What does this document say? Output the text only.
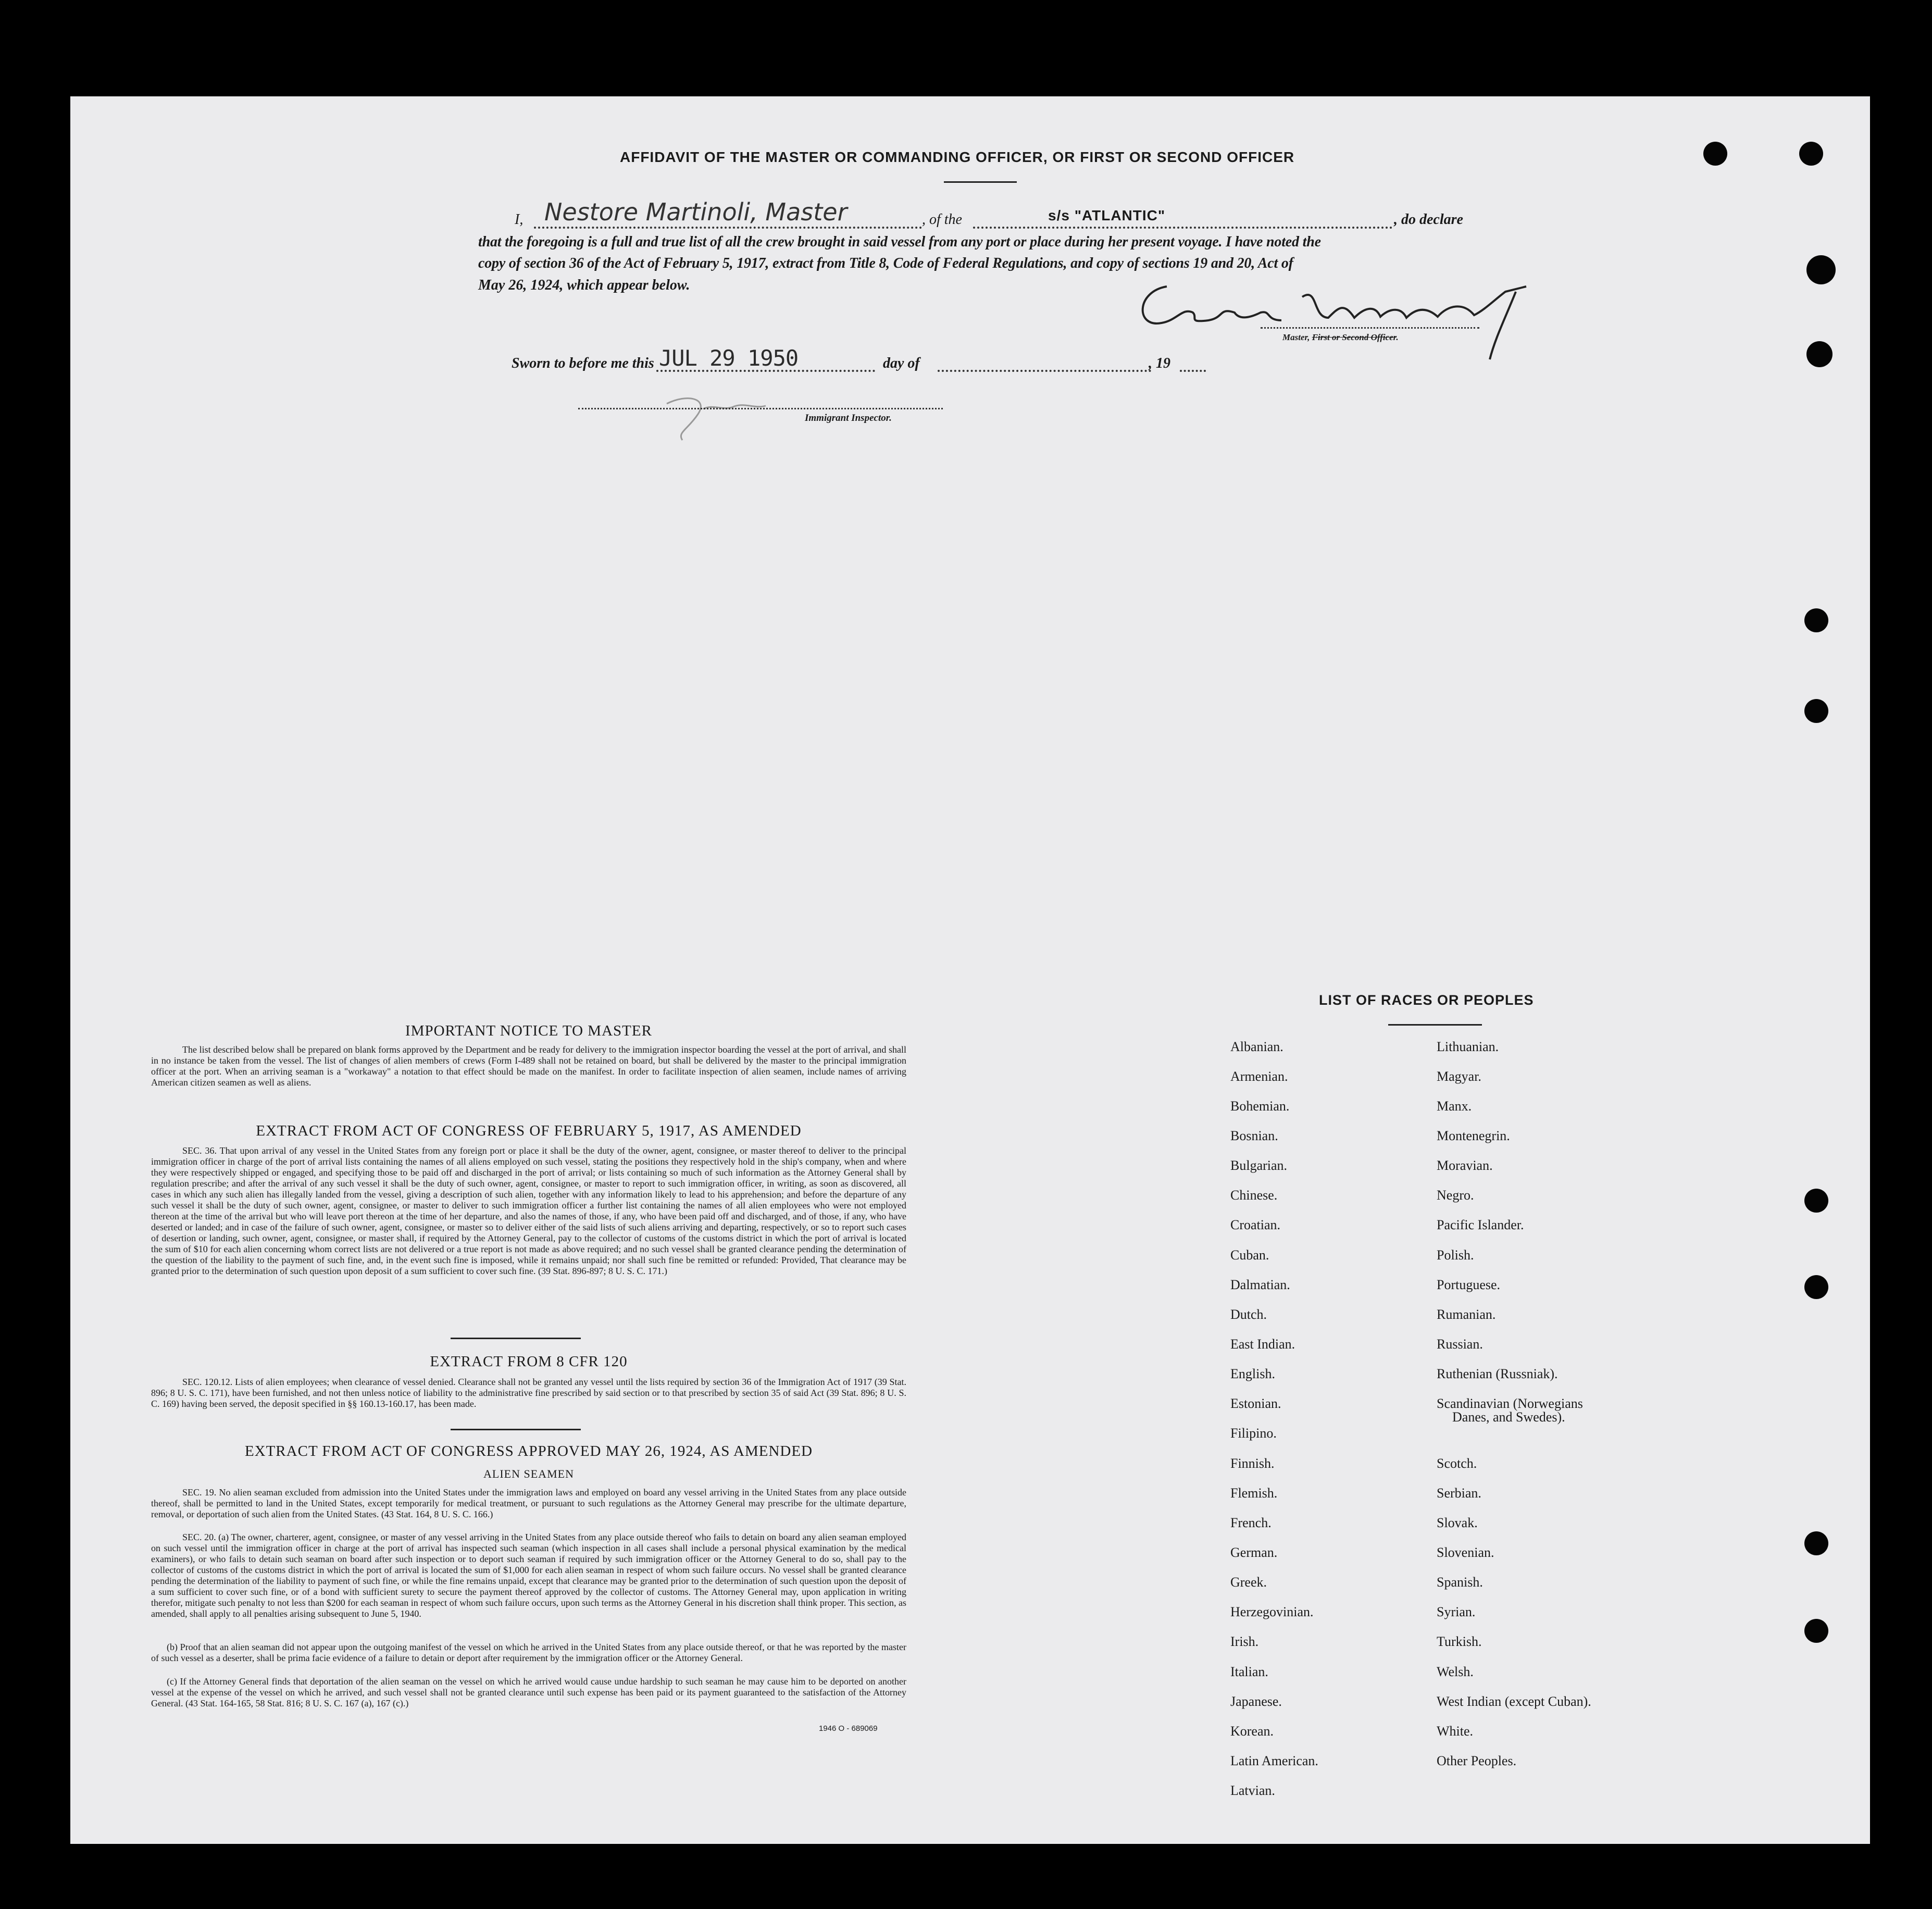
AFFIDAVIT OF THE MASTER OR COMMANDING OFFICER, OR FIRST OR SECOND OFFICER
I, Nestore Martinoli, Master	, of the	s/s "ATLANTIC"	, do declare
that the foregoing is a full and true list of all the crew brought in said vessel from any port or place during her present voyage. I have noted the
copy of section 36 of the Act of February 5, 1917, extract from Title 8, Code of Federal Regulations, and copy of sections 19 and 20, Act of
May 26, 1924, which appear below.
Master, First or Second Officer.
Sworn to before me this JUL 29 1950	day of	, 19
Immigrant Inspector.
IMPORTANT NOTICE TO MASTER
The list described below shall be prepared on blank forms approved by the Department and be ready for delivery to the immigration inspector boarding the vessel at the port of arrival, and shall in no instance be taken from the vessel. The list of changes of alien members of crews (Form I-489 shall not be retained on board, but shall be delivered by the master to the principal immigration officer at the port. When an arriving seaman is a "workaway" a notation to that effect should be made on the manifest. In order to facilitate inspection of alien seamen, include names of arriving American citizen seamen as well as aliens.
EXTRACT FROM ACT OF CONGRESS OF FEBRUARY 5, 1917, AS AMENDED
SEC. 36. That upon arrival of any vessel in the United States from any foreign port or place it shall be the duty of the owner, agent, consignee, or master thereof to deliver to the principal immigration officer in charge of the port of arrival lists containing the names of all aliens employed on such vessel, stating the positions they respectively hold in the ship's company, when and where they were respectively shipped or engaged, and specifying those to be paid off and discharged in the port of arrival; or lists containing so much of such information as the Attorney General shall by regulation prescribe; and after the arrival of any such vessel it shall be the duty of such owner, agent, consignee, or master to report to such immigration officer, in writing, as soon as discovered, all cases in which any such alien has illegally landed from the vessel, giving a description of such alien, together with any information likely to lead to his apprehension; and before the departure of any such vessel it shall be the duty of such owner, agent, consignee, or master to deliver to such immigration officer a further list containing the names of all alien employees who were not employed thereon at the time of the arrival but who will leave port thereon at the time of her departure, and also the names of those, if any, who have been paid off and discharged, and of those, if any, who have deserted or landed; and in case of the failure of such owner, agent, consignee, or master so to deliver either of the said lists of such aliens arriving and departing, respectively, or so to report such cases of desertion or landing, such owner, agent, consignee, or master shall, if required by the Attorney General, pay to the collector of customs of the customs district in which the port of arrival is located the sum of $10 for each alien concerning whom correct lists are not delivered or a true report is not made as above required; and no such vessel shall be granted clearance pending the determination of the question of the liability to the payment of such fine, and, in the event such fine is imposed, while it remains unpaid; nor shall such fine be remitted or refunded: Provided, That clearance may be granted prior to the determination of such question upon deposit of a sum sufficient to cover such fine. (39 Stat. 896-897; 8 U. S. C. 171.)
EXTRACT FROM 8 CFR 120
SEC. 120.12. Lists of alien employees; when clearance of vessel denied. Clearance shall not be granted any vessel until the lists required by section 36 of the Immigration Act of 1917 (39 Stat. 896; 8 U. S. C. 171), have been furnished, and not then unless notice of liability to the administrative fine prescribed by said section or to that prescribed by section 35 of said Act (39 Stat. 896; 8 U. S. C. 169) having been served, the deposit specified in §§ 160.13-160.17, has been made.
EXTRACT FROM ACT OF CONGRESS APPROVED MAY 26, 1924, AS AMENDED
ALIEN SEAMEN
SEC. 19. No alien seaman excluded from admission into the United States under the immigration laws and employed on board any vessel arriving in the United States from any place outside thereof, shall be permitted to land in the United States, except temporarily for medical treatment, or pursuant to such regulations as the Attorney General may prescribe for the ultimate departure, removal, or deportation of such alien from the United States. (43 Stat. 164, 8 U. S. C. 166.)
SEC. 20. (a) The owner, charterer, agent, consignee, or master of any vessel arriving in the United States from any place outside thereof who fails to detain on board any alien seaman employed on such vessel until the immigration officer in charge at the port of arrival has inspected such seaman (which inspection in all cases shall include a personal physical examination by the medical examiners), or who fails to detain such seaman on board after such inspection or to deport such seaman if required by such immigration officer or the Attorney General to do so, shall pay to the collector of customs of the customs district in which the port of arrival is located the sum of $1,000 for each alien seaman in respect of whom such failure occurs. No vessel shall be granted clearance pending the determination of the liability to payment of such fine, or while the fine remains unpaid, except that clearance may be granted prior to the determination of such question upon the deposit of a sum sufficient to cover such fine, or of a bond with sufficient surety to secure the payment thereof approved by the collector of customs. The Attorney General may, upon application in writing therefor, mitigate such penalty to not less than $200 for each seaman in respect of whom such failure occurs, upon such terms as the Attorney General in his discretion shall think proper. This section, as amended, shall apply to all penalties arising subsequent to June 5, 1940.
(b) Proof that an alien seaman did not appear upon the outgoing manifest of the vessel on which he arrived in the United States from any place outside thereof, or that he was reported by the master of such vessel as a deserter, shall be prima facie evidence of a failure to detain or deport after requirement by the immigration officer or the Attorney General.
(c) If the Attorney General finds that deportation of the alien seaman on the vessel on which he arrived would cause undue hardship to such seaman he may cause him to be deported on another vessel at the expense of the vessel on which he arrived, and such vessel shall not be granted clearance until such expense has been paid or its payment guaranteed to the satisfaction of the Attorney General. (43 Stat. 164-165, 58 Stat. 816; 8 U. S. C. 167 (a), 167 (c).)
1946 O - 689069
LIST OF RACES OR PEOPLES
Albanian.
Armenian.
Bohemian.
Bosnian.
Bulgarian.
Chinese.
Croatian.
Cuban.
Dalmatian.
Dutch.
East Indian.
English.
Estonian.
Filipino.
Finnish.
Flemish.
French.
German.
Greek.
Herzegovinian.
Irish.
Italian.
Japanese.
Korean.
Latin American.
Latvian.
Lithuanian.
Magyar.
Manx.
Montenegrin.
Moravian.
Negro.
Pacific Islander.
Polish.
Portuguese.
Rumanian.
Russian.
Ruthenian (Russniak).
Scandinavian (Norwegians
Danes, and Swedes).
Scotch.
Serbian.
Slovak.
Slovenian.
Spanish.
Syrian.
Turkish.
Welsh.
West Indian (except Cuban).
White.
Other Peoples.
